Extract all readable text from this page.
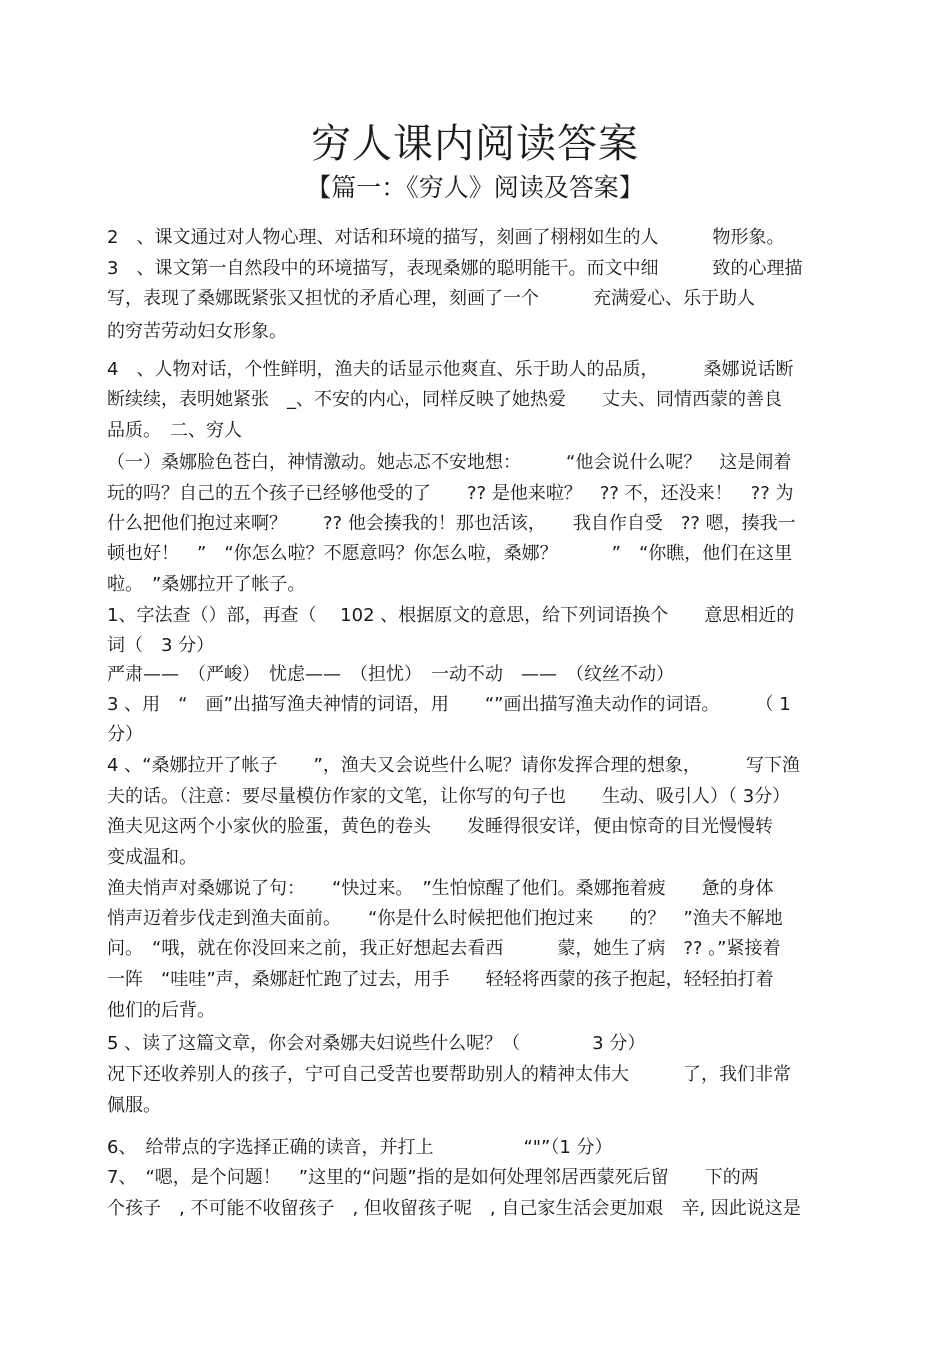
穷人课内阅读答案
【篇一：《穷人》阅读及答案】
2　、课文通过对人物心理、对话和环境的描写，刻画了栩栩如生的人　　　物形象。
3　、课文第一自然段中的环境描写，表现桑娜的聪明能干。而文中细　　　致的心理描
写，表现了桑娜既紧张又担忧的矛盾心理，刻画了一个　　　充满爱心、乐于助人
的穷苦劳动妇女形象。
4　、人物对话，个性鲜明，渔夫的话显示他爽直、乐于助人的品质，　　　桑娜说话断
断续续，表明她紧张　_、不安的内心，同样反映了她热爱　　丈夫、同情西蒙的善良
品质。　二、穷人
（一）桑娜脸色苍白，神情激动。她忐忑不安地想：　　　“他会说什么呢？　这是闹着
玩的吗？自己的五个孩子已经够他受的了　　?? 是他来啦？　?? 不，还没来！　?? 为
什么把他们抱过来啊？　　?? 他会揍我的！那也活该，　　我自作自受　?? 嗯，揍我一
顿也好！　”　“你怎么啦？不愿意吗？你怎么啦，桑娜？　　　”　“你瞧，他们在这里
啦。　”桑娜拉开了帐子。
1、字法查（）部，再查（　 102 、根据原文的意思，给下列词语换个　　意思相近的
词（　3 分）
严肃——　（严峻）　忧虑——　（担忧）　一动不动　——　（纹丝不动）
3 、用　“　画”出描写渔夫神情的词语，用　　“”画出描写渔夫动作的词语。　　　（ 1
分）
4 、“桑娜拉开了帐子　　”，渔夫又会说些什么呢？请你发挥合理的想象，　　　写下渔
夫的话。（注意：要尽量模仿作家的文笔，让你写的句子也　　生动、吸引人）（ 3分）
渔夫见这两个小家伙的脸蛋，黄色的卷头　　发睡得很安详，便由惊奇的目光慢慢转
变成温和。
渔夫悄声对桑娜说了句：　　“快过来。　”生怕惊醒了他们。桑娜拖着疲　　惫的身体
悄声迈着步伐走到渔夫面前。　　“你是什么时候把他们抱过来　　的？　”渔夫不解地
问。　“哦，就在你没回来之前，我正好想起去看西　　　蒙，她生了病　?? 。”紧接着
一阵　“哇哇”声，桑娜赶忙跑了过去，用手　　轻轻将西蒙的孩子抱起，轻轻拍打着
他们的后背。
5 、读了这篇文章，你会对桑娜夫妇说些什么呢？（　　　　3 分）
况下还收养别人的孩子，宁可自己受苦也要帮助别人的精神太伟大　　　了，我们非常
佩服。
6、　给带点的字选择正确的读音，并打上　　　　　“"”（1 分）
7、　“嗯，是个问题！　”这里的“问题”指的是如何处理邻居西蒙死后留　　下的两
个孩子　, 不可能不收留孩子　, 但收留孩子呢　, 自己家生活会更加艰　辛, 因此说这是
